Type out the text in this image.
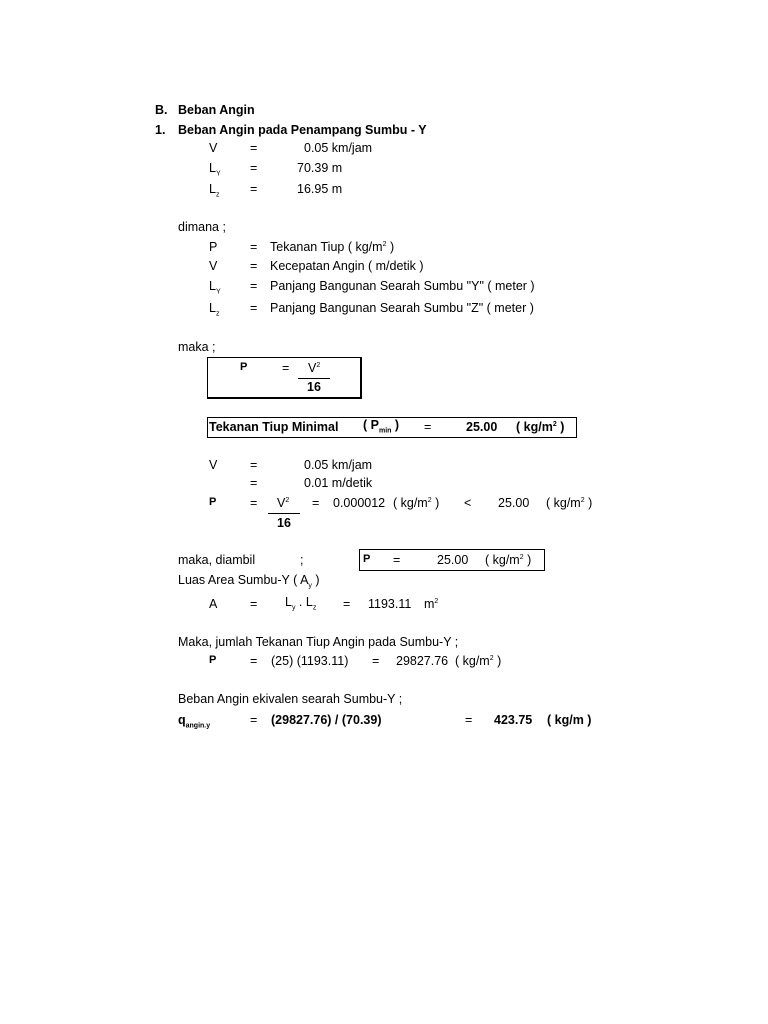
B. Beban Angin
1. Beban Angin pada Penampang Sumbu - Y
V	=	0.05 km/jam
$L_Y$ =	70.39 m
$L_z$ =	16.95 m
dimana ;
P	= Tekanan Tiup ( $kg/m^2$ )
V	= Kecepatan Angin ( m/detik )
$L_Y$ = Panjang Bangunan Searah Sumbu "Y" ( meter )
$L_z$ = Panjang Bangunan Searah Sumbu "Z" ( meter )
maka ;
P	= $V^2$
16
Tekanan Tiup Minimal ( $P_{min}$ ) =	25.00 ( $kg/m^2$ )
V	=	0.05 km/jam
=	0.01 m/detik
P	= $V^2$
16
= 0.000012 ( $kg/m^2$ ) < 25.00 ( $kg/m^2$ )
maka, diambil	;	P =	25.00 ( $kg/m^2$ )
Luas Area Sumbu-Y ( $A_y$ )
A	= $L_y$ . $L_z = 1193.11$ $m^2$
Maka, jumlah Tekanan Tiup Angin pada Sumbu-Y ;
P	= (25) (1193.11) = 29827.76 ( $kg/m^2$ )
Beban Angin ekivalen searah Sumbu-Y ;
$q_{angin.y}$	= (29827.76) / (70.39)	= 423.75 ( kg/m )
